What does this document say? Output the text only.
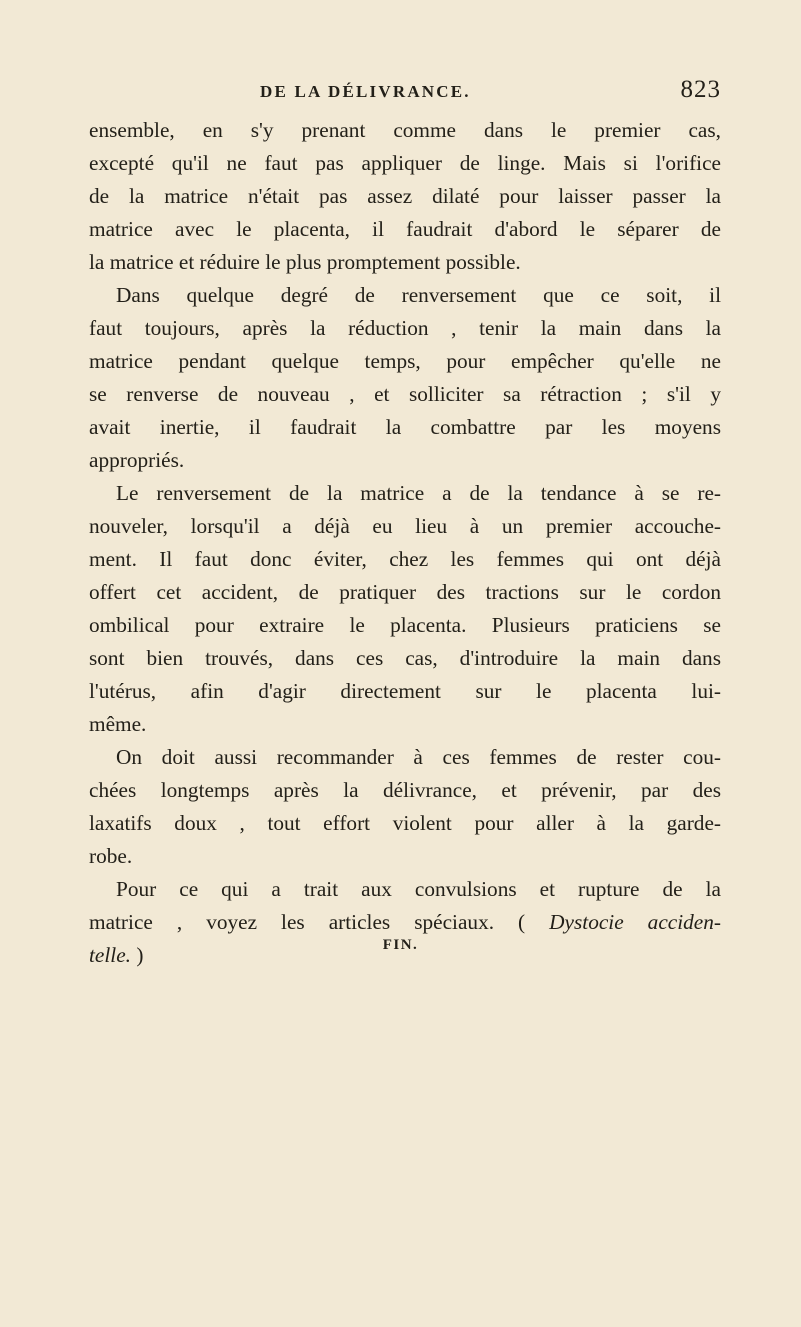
DE LA DÉLIVRANCE.	823
ensemble, en s'y prenant comme dans le premier cas,
excepté qu'il ne faut pas appliquer de linge. Mais si l'orifice
de la matrice n'était pas assez dilaté pour laisser passer la
matrice avec le placenta, il faudrait d'abord le séparer de
la matrice et réduire le plus promptement possible.
Dans quelque degré de renversement que ce soit, il
faut toujours, après la réduction , tenir la main dans la
matrice pendant quelque temps, pour empêcher qu'elle ne
se renverse de nouveau , et solliciter sa rétraction ; s'il y
avait inertie, il faudrait la combattre par les moyens
appropriés.
Le renversement de la matrice a de la tendance à se re-
nouveler, lorsqu'il a déjà eu lieu à un premier accouche-
ment. Il faut donc éviter, chez les femmes qui ont déjà
offert cet accident, de pratiquer des tractions sur le cordon
ombilical pour extraire le placenta. Plusieurs praticiens se
sont bien trouvés, dans ces cas, d'introduire la main dans
l'utérus, afin d'agir directement sur le placenta lui-
même.
On doit aussi recommander à ces femmes de rester cou-
chées longtemps après la délivrance, et prévenir, par des
laxatifs doux , tout effort violent pour aller à la garde-
robe.
Pour ce qui a trait aux convulsions et rupture de la
matrice , voyez les articles spéciaux. ( Dystocie acciden-
telle. )	FIN.
